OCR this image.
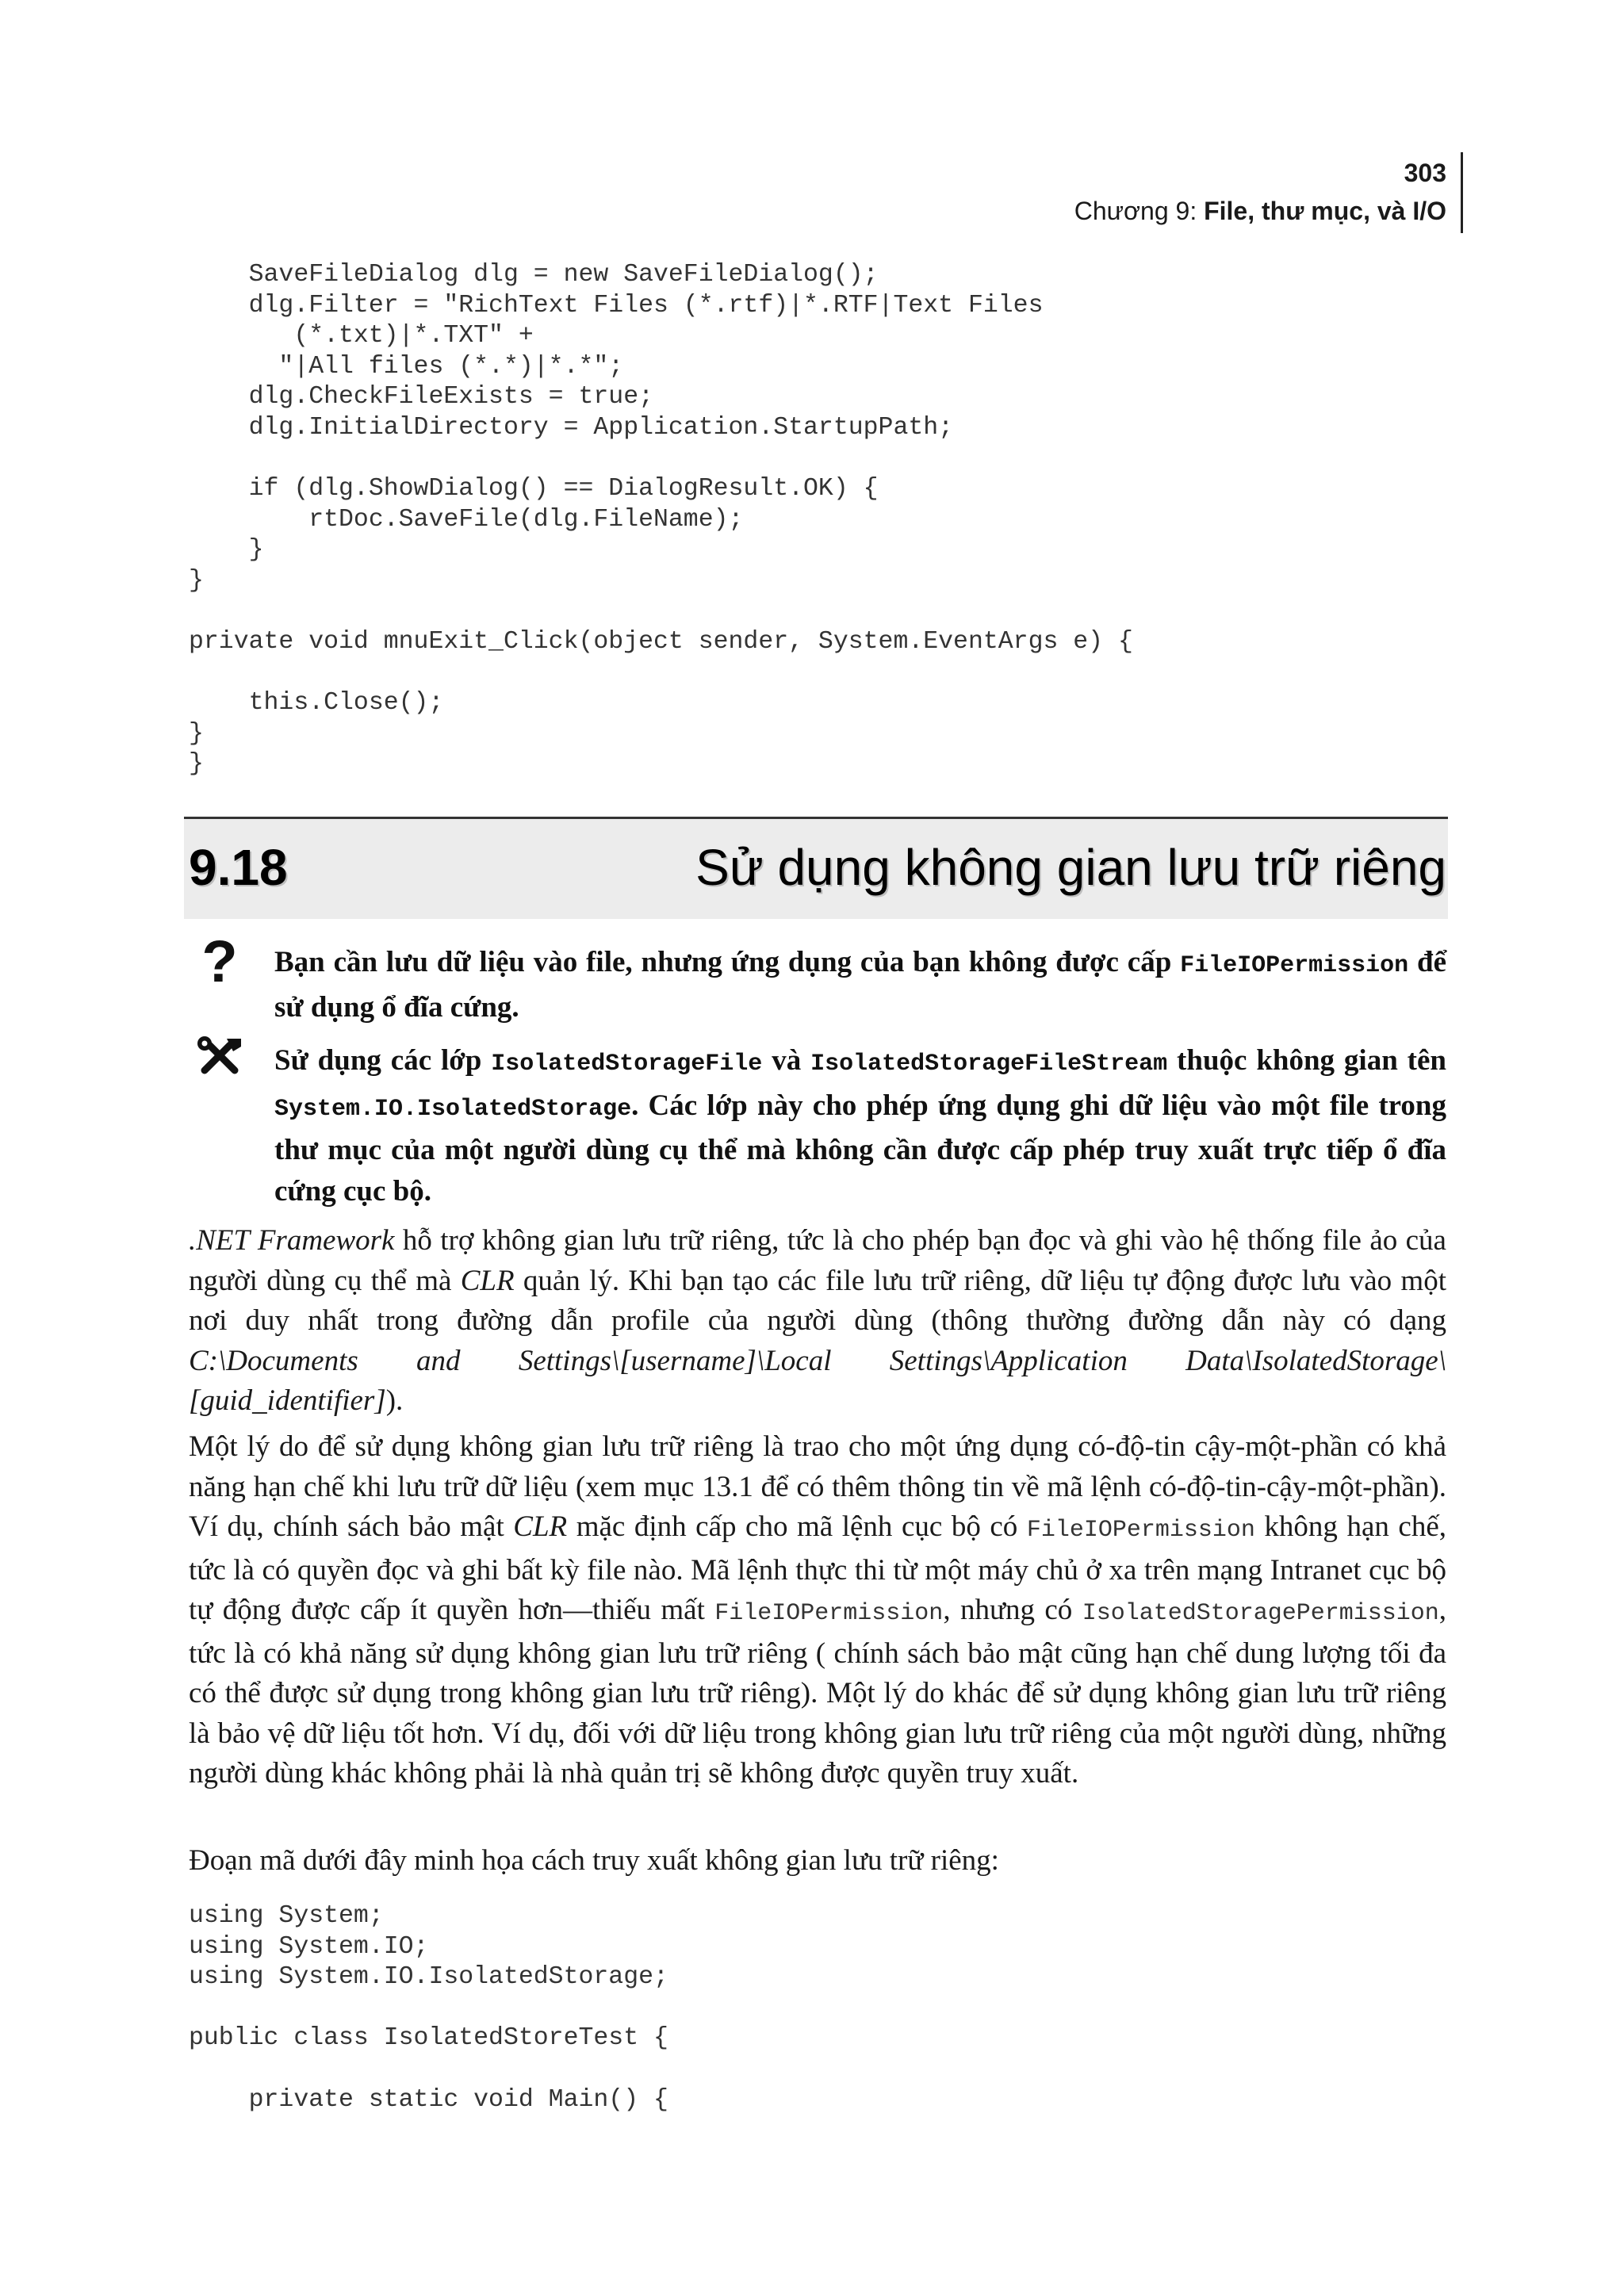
303
Chương 9: File, thư mục, và I/O
SaveFileDialog dlg = new SaveFileDialog();
dlg.Filter = "RichText Files (*.rtf)|*.RTF|Text Files
(*.txt)|*.TXT" +
"|All files (*.*)|*.*";
dlg.CheckFileExists = true;
dlg.InitialDirectory = Application.StartupPath;
if (dlg.ShowDialog() == DialogResult.OK) {
rtDoc.SaveFile(dlg.FileName);
}
}
private void mnuExit_Click(object sender, System.EventArgs e) {
this.Close();
}
}
9.18	Sử dụng không gian lưu trữ riêng
? Bạn cần lưu dữ liệu vào file, nhưng ứng dụng của bạn không được cấp FileIOPermission để sử dụng ổ đĩa cứng.
Sử dụng các lớp IsolatedStorageFile và IsolatedStorageFileStream thuộc không gian tên System.IO.IsolatedStorage. Các lớp này cho phép ứng dụng ghi dữ liệu vào một file trong thư mục của một người dùng cụ thể mà không cần được cấp phép truy xuất trực tiếp ổ đĩa cứng cục bộ.
.NET Framework hỗ trợ không gian lưu trữ riêng, tức là cho phép bạn đọc và ghi vào hệ thống file ảo của người dùng cụ thể mà CLR quản lý. Khi bạn tạo các file lưu trữ riêng, dữ liệu tự động được lưu vào một nơi duy nhất trong đường dẫn profile của người dùng (thông thường đường dẫn này có dạng C:\Documents and Settings\[username]\Local Settings\Application Data\IsolatedStorage\ [guid_identifier]).
Một lý do để sử dụng không gian lưu trữ riêng là trao cho một ứng dụng có-độ-tin cậy-một-phần có khả năng hạn chế khi lưu trữ dữ liệu (xem mục 13.1 để có thêm thông tin về mã lệnh có-độ-tin-cậy-một-phần). Ví dụ, chính sách bảo mật CLR mặc định cấp cho mã lệnh cục bộ có FileIOPermission không hạn chế, tức là có quyền đọc và ghi bất kỳ file nào. Mã lệnh thực thi từ một máy chủ ở xa trên mạng Intranet cục bộ tự động được cấp ít quyền hơn—thiếu mất FileIOPermission, nhưng có IsolatedStoragePermission, tức là có khả năng sử dụng không gian lưu trữ riêng ( chính sách bảo mật cũng hạn chế dung lượng tối đa có thể được sử dụng trong không gian lưu trữ riêng). Một lý do khác để sử dụng không gian lưu trữ riêng là bảo vệ dữ liệu tốt hơn. Ví dụ, đối với dữ liệu trong không gian lưu trữ riêng của một người dùng, những người dùng khác không phải là nhà quản trị sẽ không được quyền truy xuất.
Đoạn mã dưới đây minh họa cách truy xuất không gian lưu trữ riêng:
using System;
using System.IO;
using System.IO.IsolatedStorage;
public class IsolatedStoreTest {
private static void Main() {
